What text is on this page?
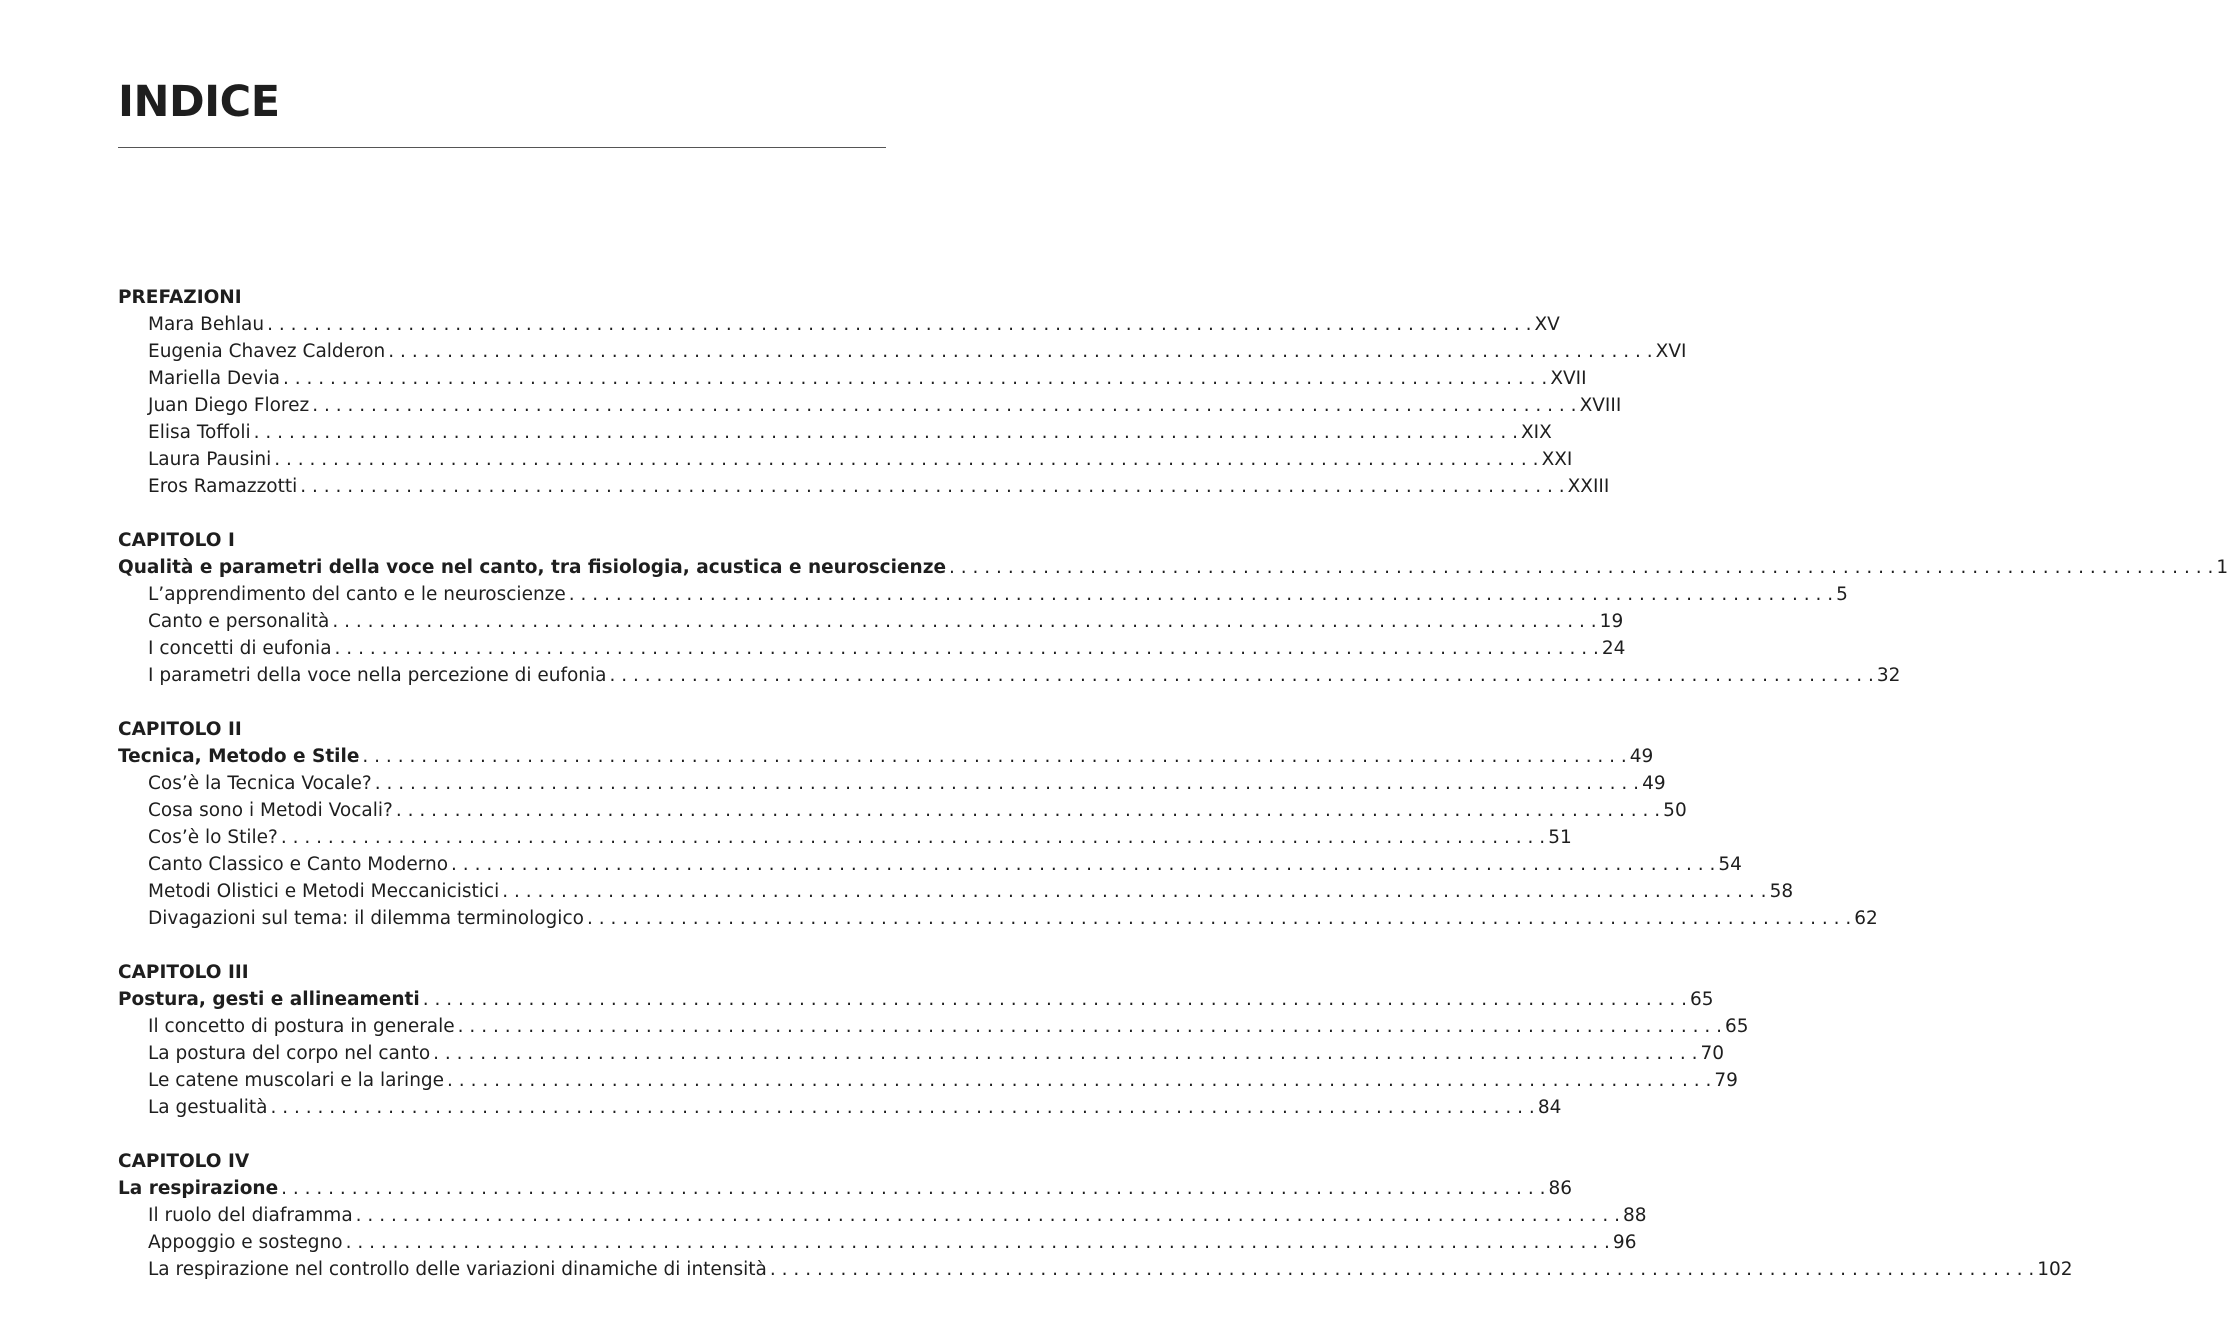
INDICE
PREFAZIONI
Mara Behlau . . .	XV
Eugenia Chavez Calderon . . .	XVI
Mariella Devia . . .	XVII
Juan Diego Florez . . .	XVIII
Elisa Toffoli . . .	XIX
Laura Pausini . . .	XXI
Eros Ramazzotti . . .	XXIII
CAPITOLO I
Qualità e parametri della voce nel canto, tra fisiologia, acustica e neuroscienze . . .	1
L’apprendimento del canto e le neuroscienze . . .	5
Canto e personalità . . .	19
I concetti di eufonia . . .	24
I parametri della voce nella percezione di eufonia . . .	32
CAPITOLO II
Tecnica, Metodo e Stile . . .	49
Cos’è la Tecnica Vocale? . . .	49
Cosa sono i Metodi Vocali? . . .	50
Cos’è lo Stile? . . .	51
Canto Classico e Canto Moderno . . .	54
Metodi Olistici e Metodi Meccanicistici . . .	58
Divagazioni sul tema: il dilemma terminologico . . .	62
CAPITOLO III
Postura, gesti e allineamenti . . .	65
Il concetto di postura in generale . . .	65
La postura del corpo nel canto . . .	70
Le catene muscolari e la laringe . . .	79
La gestualità . . .	84
CAPITOLO IV
La respirazione . . .	86
Il ruolo del diaframma . . .	88
Appoggio e sostegno . . .	96
La respirazione nel controllo delle variazioni dinamiche di intensità . . .	102
